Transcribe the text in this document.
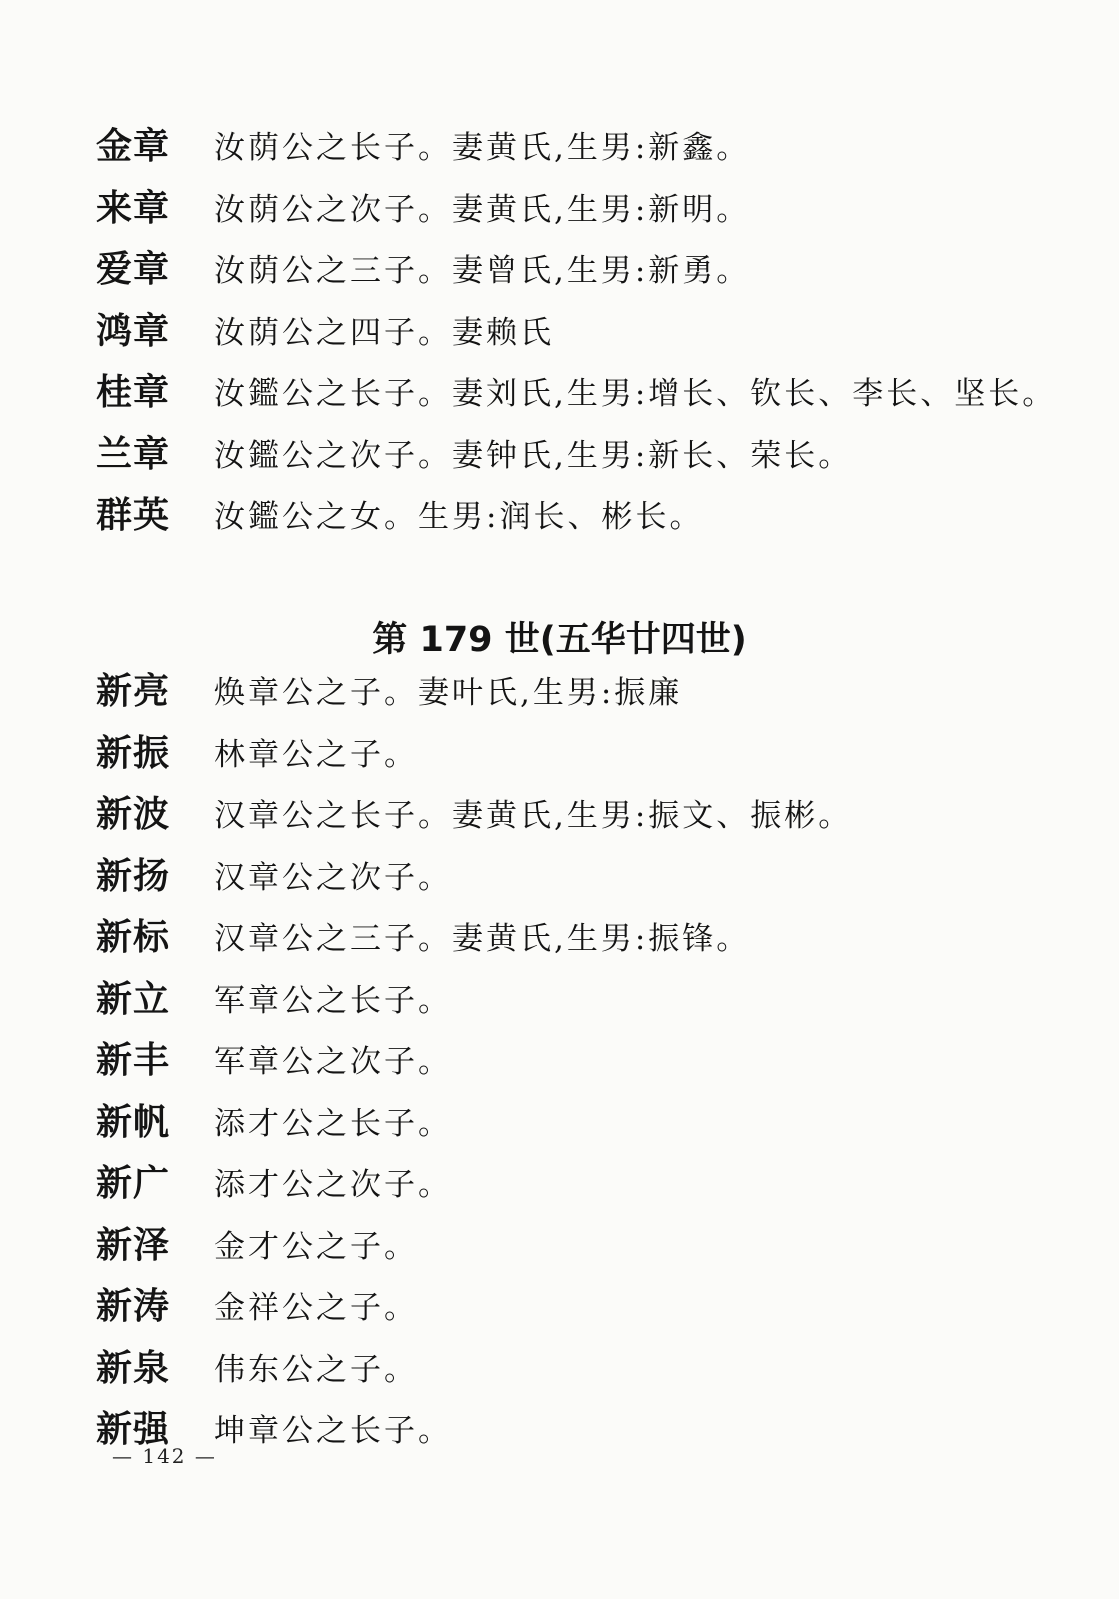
金章	汝荫公之长子。妻黄氏,生男:新鑫。
来章	汝荫公之次子。妻黄氏,生男:新明。
爱章	汝荫公之三子。妻曾氏,生男:新勇。
鸿章	汝荫公之四子。妻赖氏
桂章	汝鑑公之长子。妻刘氏,生男:增长、钦长、李长、坚长。
兰章	汝鑑公之次子。妻钟氏,生男:新长、荣长。
群英	汝鑑公之女。生男:润长、彬长。
第 179 世(五华廿四世)
新亮	焕章公之子。妻叶氏,生男:振廉
新振	林章公之子。
新波	汉章公之长子。妻黄氏,生男:振文、振彬。
新扬	汉章公之次子。
新标	汉章公之三子。妻黄氏,生男:振锋。
新立	军章公之长子。
新丰	军章公之次子。
新帆	添才公之长子。
新广	添才公之次子。
新泽	金才公之子。
新涛	金祥公之子。
新泉	伟东公之子。
新强	坤章公之长子。
— 142 —
